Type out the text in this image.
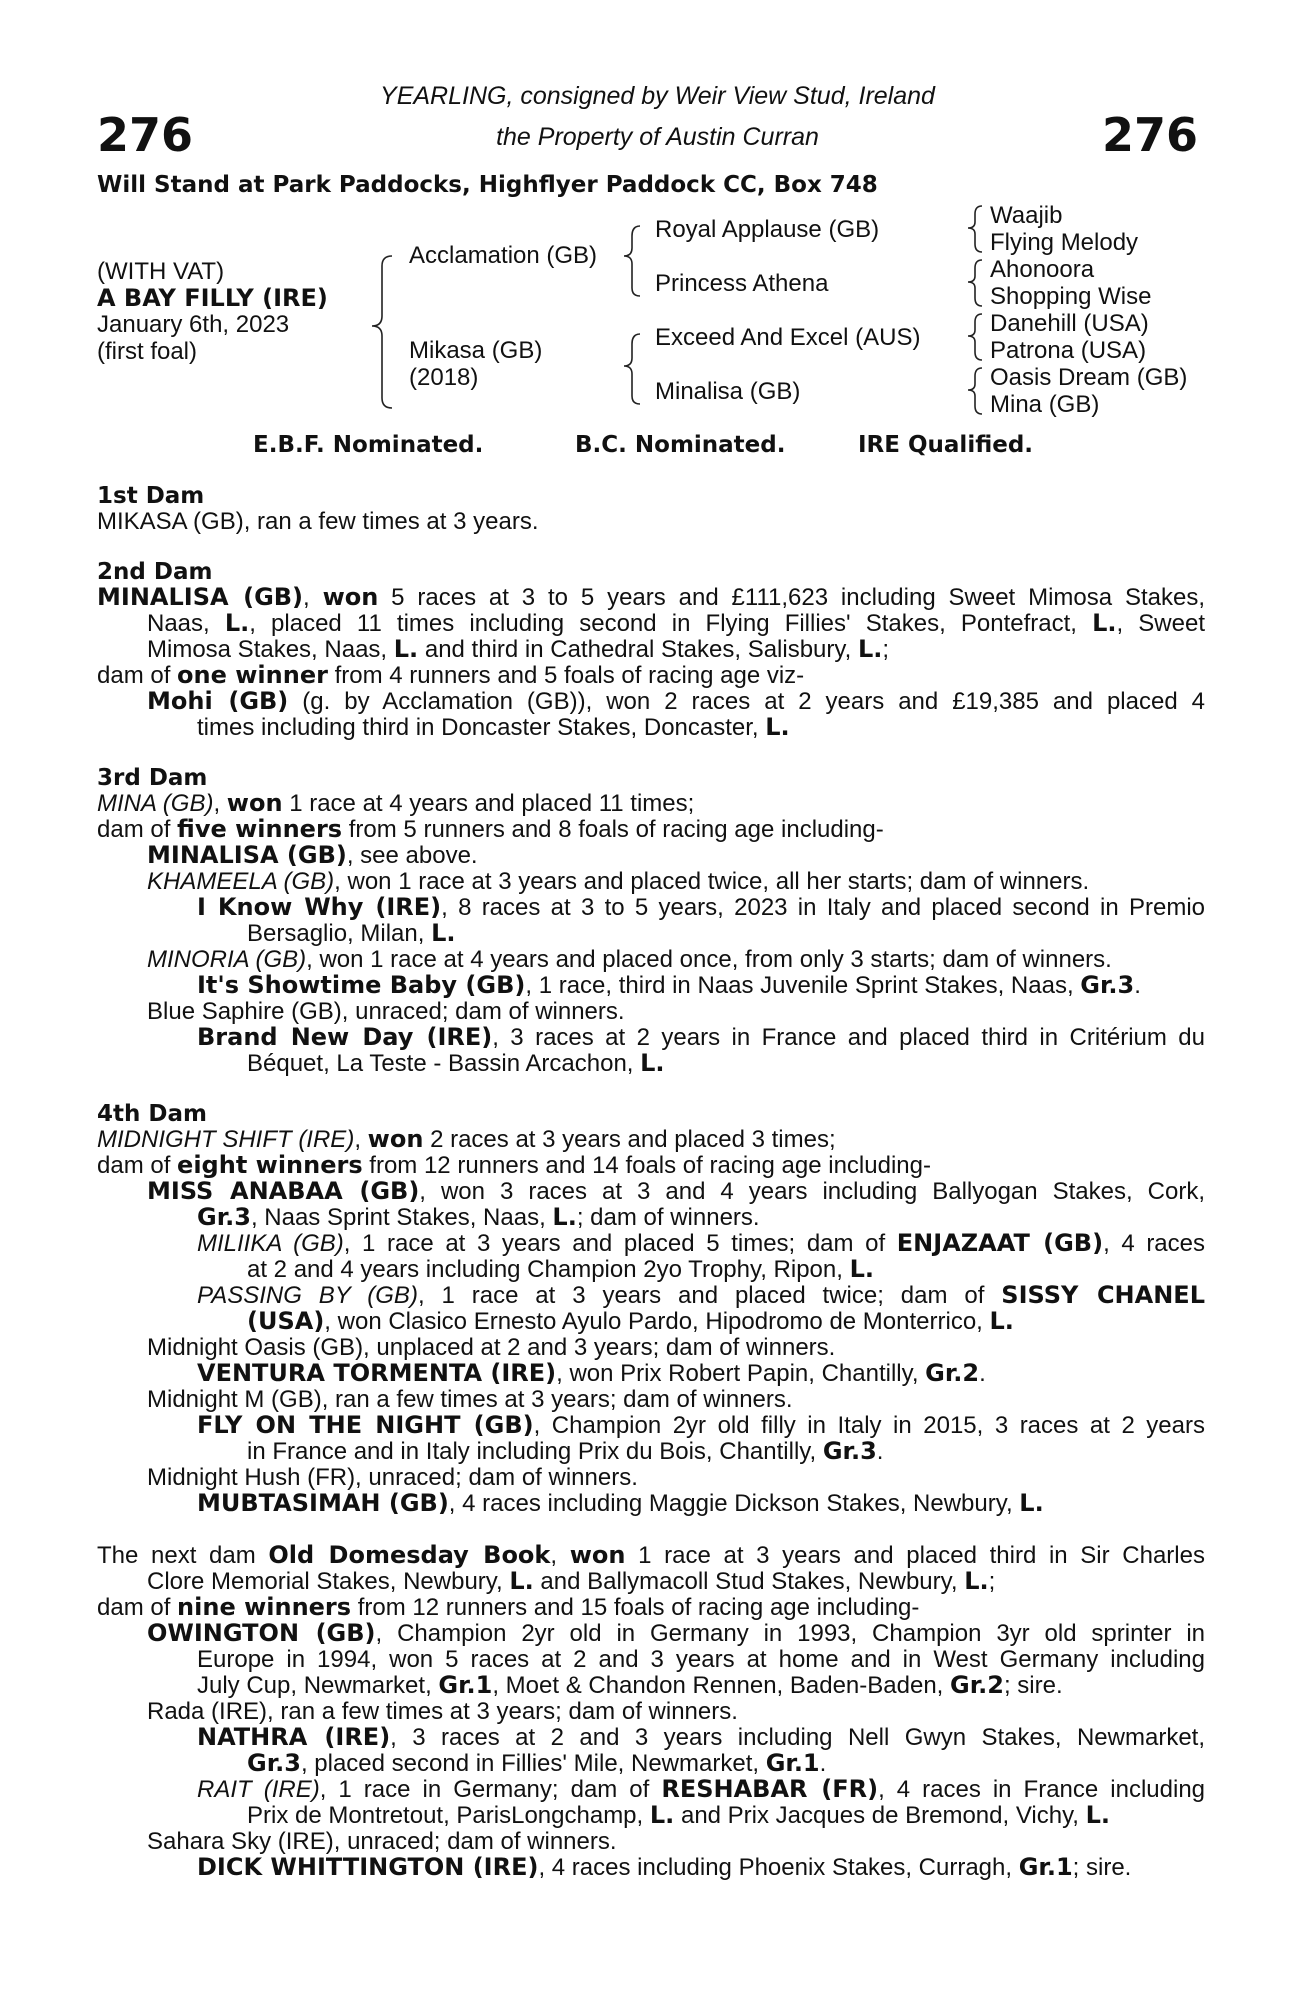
276	276
YEARLING, consigned by Weir View Stud, Ireland
the Property of Austin Curran
Will Stand at Park Paddocks, Highflyer Paddock CC, Box 748
(WITH VAT)
A BAY FILLY (IRE)
January 6th, 2023
(first foal)
Acclamation (GB)
Mikasa (GB)
(2018)
Royal Applause (GB)
Princess Athena
Exceed And Excel (AUS)
Minalisa (GB)
Waajib
Flying Melody
Ahonoora
Shopping Wise
Danehill (USA)
Patrona (USA)
Oasis Dream (GB)
Mina (GB)
E.B.F. Nominated.	B.C. Nominated.	IRE Qualified.
1st Dam
MIKASA (GB), ran a few times at 3 years.
2nd Dam
MINALISA (GB), won 5 races at 3 to 5 years and £111,623 including Sweet Mimosa Stakes,
Naas, L., placed 11 times including second in Flying Fillies' Stakes, Pontefract, L., Sweet
Mimosa Stakes, Naas, L. and third in Cathedral Stakes, Salisbury, L.;
dam of one winner from 4 runners and 5 foals of racing age viz-
Mohi (GB) (g. by Acclamation (GB)), won 2 races at 2 years and £19,385 and placed 4
times including third in Doncaster Stakes, Doncaster, L.
3rd Dam
MINA (GB), won 1 race at 4 years and placed 11 times;
dam of five winners from 5 runners and 8 foals of racing age including-
MINALISA (GB), see above.
KHAMEELA (GB), won 1 race at 3 years and placed twice, all her starts; dam of winners.
I Know Why (IRE), 8 races at 3 to 5 years, 2023 in Italy and placed second in Premio
Bersaglio, Milan, L.
MINORIA (GB), won 1 race at 4 years and placed once, from only 3 starts; dam of winners.
It's Showtime Baby (GB), 1 race, third in Naas Juvenile Sprint Stakes, Naas, Gr.3.
Blue Saphire (GB), unraced; dam of winners.
Brand New Day (IRE), 3 races at 2 years in France and placed third in Critérium du
Béquet, La Teste - Bassin Arcachon, L.
4th Dam
MIDNIGHT SHIFT (IRE), won 2 races at 3 years and placed 3 times;
dam of eight winners from 12 runners and 14 foals of racing age including-
MISS ANABAA (GB), won 3 races at 3 and 4 years including Ballyogan Stakes, Cork,
Gr.3, Naas Sprint Stakes, Naas, L.; dam of winners.
MILIIKA (GB), 1 race at 3 years and placed 5 times; dam of ENJAZAAT (GB), 4 races
at 2 and 4 years including Champion 2yo Trophy, Ripon, L.
PASSING BY (GB), 1 race at 3 years and placed twice; dam of SISSY CHANEL
(USA), won Clasico Ernesto Ayulo Pardo, Hipodromo de Monterrico, L.
Midnight Oasis (GB), unplaced at 2 and 3 years; dam of winners.
VENTURA TORMENTA (IRE), won Prix Robert Papin, Chantilly, Gr.2.
Midnight M (GB), ran a few times at 3 years; dam of winners.
FLY ON THE NIGHT (GB), Champion 2yr old filly in Italy in 2015, 3 races at 2 years
in France and in Italy including Prix du Bois, Chantilly, Gr.3.
Midnight Hush (FR), unraced; dam of winners.
MUBTASIMAH (GB), 4 races including Maggie Dickson Stakes, Newbury, L.
The next dam Old Domesday Book, won 1 race at 3 years and placed third in Sir Charles
Clore Memorial Stakes, Newbury, L. and Ballymacoll Stud Stakes, Newbury, L.;
dam of nine winners from 12 runners and 15 foals of racing age including-
OWINGTON (GB), Champion 2yr old in Germany in 1993, Champion 3yr old sprinter in
Europe in 1994, won 5 races at 2 and 3 years at home and in West Germany including
July Cup, Newmarket, Gr.1, Moet & Chandon Rennen, Baden-Baden, Gr.2; sire.
Rada (IRE), ran a few times at 3 years; dam of winners.
NATHRA (IRE), 3 races at 2 and 3 years including Nell Gwyn Stakes, Newmarket,
Gr.3, placed second in Fillies' Mile, Newmarket, Gr.1.
RAIT (IRE), 1 race in Germany; dam of RESHABAR (FR), 4 races in France including
Prix de Montretout, ParisLongchamp, L. and Prix Jacques de Bremond, Vichy, L.
Sahara Sky (IRE), unraced; dam of winners.
DICK WHITTINGTON (IRE), 4 races including Phoenix Stakes, Curragh, Gr.1; sire.
